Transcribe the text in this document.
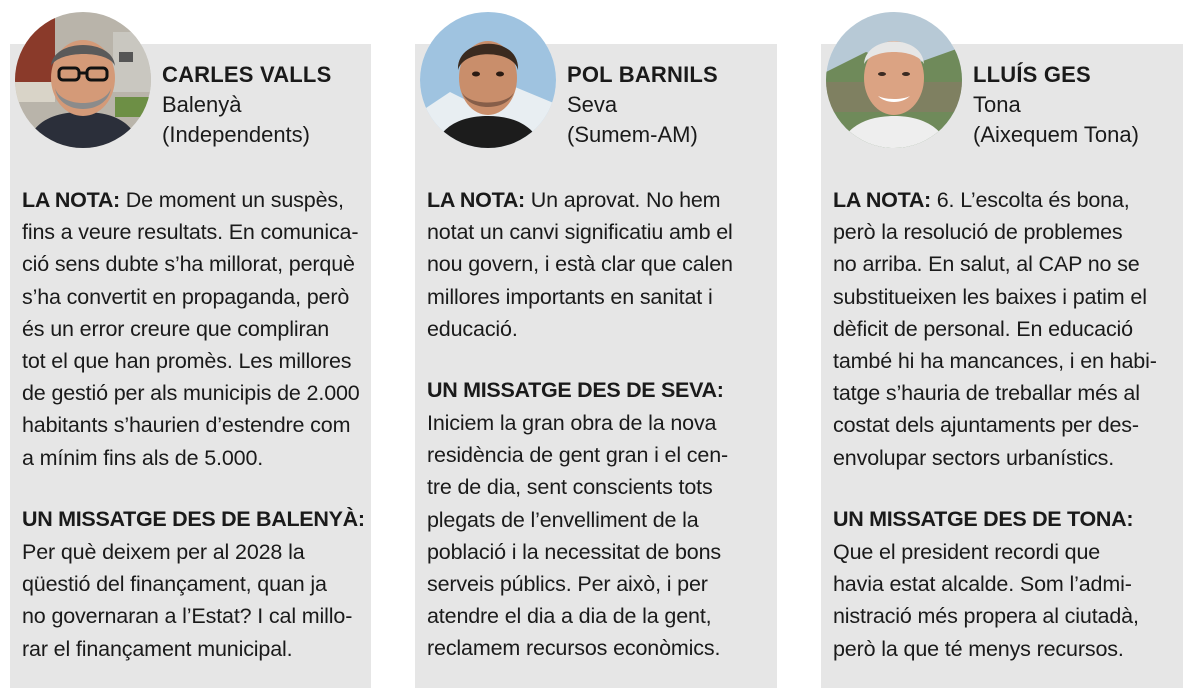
CARLES VALLS
Balenyà
(Independents)
LA NOTA: De moment un suspès,
fins a veure resultats. En comunica-
ció sens dubte s’ha millorat, perquè
s’ha convertit en propaganda, però
és un error creure que compliran
tot el que han promès. Les millores
de gestió per als municipis de 2.000
habitants s’haurien d’estendre com
a mínim fins als de 5.000.
UN MISSATGE DES DE BALENYÀ:
Per què deixem per al 2028 la
qüestió del finançament, quan ja
no governaran a l’Estat? I cal millo-
rar el finançament municipal.
POL BARNILS
Seva
(Sumem-AM)
LA NOTA: Un aprovat. No hem
notat un canvi significatiu amb el
nou govern, i està clar que calen
millores importants en sanitat i
educació.
UN MISSATGE DES DE SEVA:
Iniciem la gran obra de la nova
residència de gent gran i el cen-
tre de dia, sent conscients tots
plegats de l’envelliment de la
població i la necessitat de bons
serveis públics. Per això, i per
atendre el dia a dia de la gent,
reclamem recursos econòmics.
LLUÍS GES
Tona
(Aixequem Tona)
LA NOTA: 6. L’escolta és bona,
però la resolució de problemes
no arriba. En salut, al CAP no se
substitueixen les baixes i patim el
dèficit de personal. En educació
també hi ha mancances, i en habi-
tatge s’hauria de treballar més al
costat dels ajuntaments per des-
envolupar sectors urbanístics.
UN MISSATGE DES DE TONA:
Que el president recordi que
havia estat alcalde. Som l’admi-
nistració més propera al ciutadà,
però la que té menys recursos.
